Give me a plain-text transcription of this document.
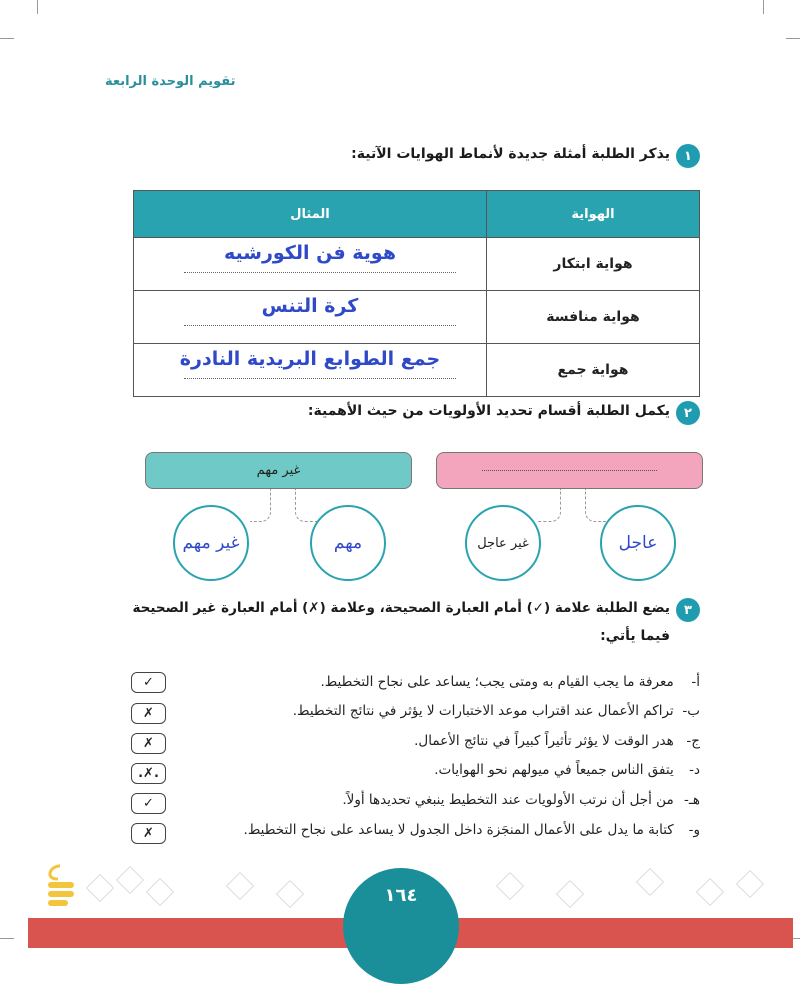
تقويم الوحدة الرابعة
١
يذكر الطلبة أمثلة جديدة لأنماط الهوايات الآتية:
الهواية	المثال
هواية ابتكار	هوية فن الكورشيه

هواية منافسة	كرة التنس

هواية جمع	جمع الطوابع البريدية النادرة
٢
يكمل الطلبة أقسام تحديد الأولويات من حيث الأهمية:
غير مهم
غير مهم	مهم	غير عاجل	عاجل
٣
يضع الطلبة علامة (✓) أمام العبارة الصحيحة، وعلامة (✗) أمام العبارة غير الصحيحة
فيما يأتي:
أ- معرفة ما يجب القيام به ومتى يجب؛ يساعد على نجاح التخطيط.
✓
ب- تراكم الأعمال عند اقتراب موعد الاختبارات لا يؤثر في نتائج التخطيط.
✗
ج- هدر الوقت لا يؤثر تأثيراً كبيراً في نتائج الأعمال.
✗
د- يتفق الناس جميعاً في ميولهم نحو الهوايات.
.✗.
هـ- من أجل أن نرتب الأولويات عند التخطيط ينبغي تحديدها أولاً.
✓
و- كتابة ما يدل على الأعمال المنجَزة داخل الجدول لا يساعد على نجاح التخطيط.
✗
١٦٤
